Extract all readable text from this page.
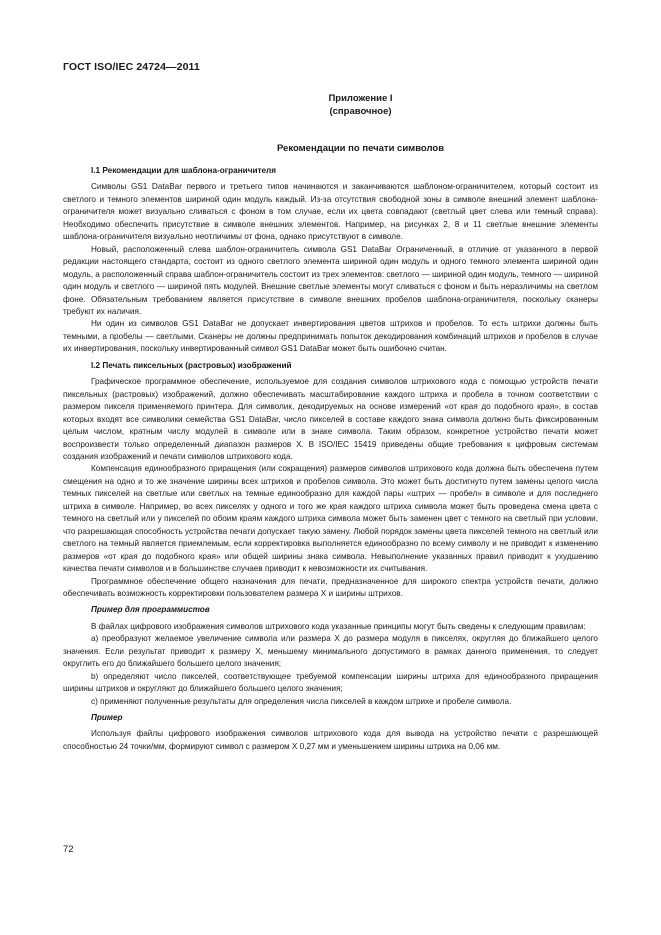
ГОСТ ISO/IEC 24724—2011
Приложение I
(справочное)
Рекомендации по печати символов

I.1 Рекомендации для шаблона-ограничителя

Символы GS1 DataBar первого и третьего типов начинаются и заканчиваются шаблоном-ограничителем, который состоит из светлого и темного элементов шириной один модуль каждый. Из-за отсутствия свободной зоны в символе внешний элемент шаблона-ограничителя может визуально сливаться с фоном в том случае, если их цвета совпадают (светлый цвет слева или темный справа). Необходимо обеспечить присутствие в символе внешних элементов. Например, на рисунках 2, 8 и 11 светлые внешние элементы шаблона-ограничителя визуально неотличимы от фона, однако присутствуют в символе.

Новый, расположенный слева шаблон-ограничитель символа GS1 DataBar Ограниченный, в отличие от указанного в первой редакции настоящего стандарта, состоит из одного светлого элемента шириной один модуль и одного темного элемента шириной один модуль, а расположенный справа шаблон-ограничитель состоит из трех элементов: светлого — шириной один модуль, темного — шириной один модуль и светлого — шириной пять модулей. Внешние светлые элементы могут сливаться с фоном и быть неразличимы на светлом фоне. Обязательным требованием является присутствие в символе внешних пробелов шаблона-ограничителя, поскольку сканеры требуют их наличия.

Ни один из символов GS1 DataBar не допускает инвертирования цветов штрихов и пробелов. То есть штрихи должны быть темными, а пробелы — светлыми. Сканеры не должны предпринимать попыток декодирования комбинаций штрихов и пробелов в случае их инвертирования, поскольку инвертированный символ GS1 DataBar может быть ошибочно считан.

I.2 Печать пиксельных (растровых) изображений

Графическое программное обеспечение, используемое для создания символов штрихового кода с помощью устройств печати пиксельных (растровых) изображений, должно обеспечивать масштабирование каждого штриха и пробела в точном соответствии с размером пикселя применяемого принтера. Для символик, декодируемых на основе измерений «от края до подобного края», в состав которых входят все символики семейства GS1 DataBar, число пикселей в составе каждого знака символа должно быть фиксированным целым числом, кратным числу модулей в символе или в знаке символа. Таким образом, конкретное устройство печати может воспроизвести только определенный диапазон размеров X. В ISO/IEC 15419 приведены общие требования к цифровым системам создания изображений и печати символов штрихового кода.

Компенсация единообразного приращения (или сокращения) размеров символов штрихового кода должна быть обеспечена путем смещения на одно и то же значение ширины всех штрихов и пробелов символа. Это может быть достигнуто путем замены целого числа темных пикселей на светлые или светлых на темные единообразно для каждой пары «штрих — пробел» в символе и для последнего штриха в символе. Например, во всех пикселях у одного и того же края каждого штриха символа может быть проведена смена цвета с темного на светлый или у пикселей по обоим краям каждого штриха символа может быть заменен цвет с темного на светлый при условии, что разрешающая способность устройства печати допускает такую замену. Любой порядок замены цвета пикселей темного на светлый или светлого на темный является приемлемым, если корректировка выполняется единообразно по всему символу и не приводит к изменению размеров «от края до подобного края» или общей ширины знака символа. Невыполнение указанных правил приводит к ухудшению качества печати символов и в большинстве случаев приводит к невозможности их считывания.

Программное обеспечение общего назначения для печати, предназначенное для широкого спектра устройств печати, должно обеспечивать возможность корректировки пользователем размера X и ширины штрихов.

Пример для программистов

В файлах цифрового изображения символов штрихового кода указанные принципы могут быть сведены к следующим правилам:

a) преобразуют желаемое увеличение символа или размера X до размера модуля в пикселях, округляя до ближайшего целого значения. Если результат приводит к размеру X, меньшему минимального допустимого в рамках данного применения, то следует округлить его до ближайшего большего целого значения;

b) определяют число пикселей, соответствующее требуемой компенсации ширины штриха для единообразного приращения ширины штрихов и округляют до ближайшего большего целого значения;

c) применяют полученные результаты для определения числа пикселей в каждом штрихе и пробеле символа.

Пример

Используя файлы цифрового изображения символов штрихового кода для вывода на устройство печати с разрешающей способностью 24 точки/мм, формируют символ с размером X 0,27 мм и уменьшением ширины штриха на 0,06 мм.

72
